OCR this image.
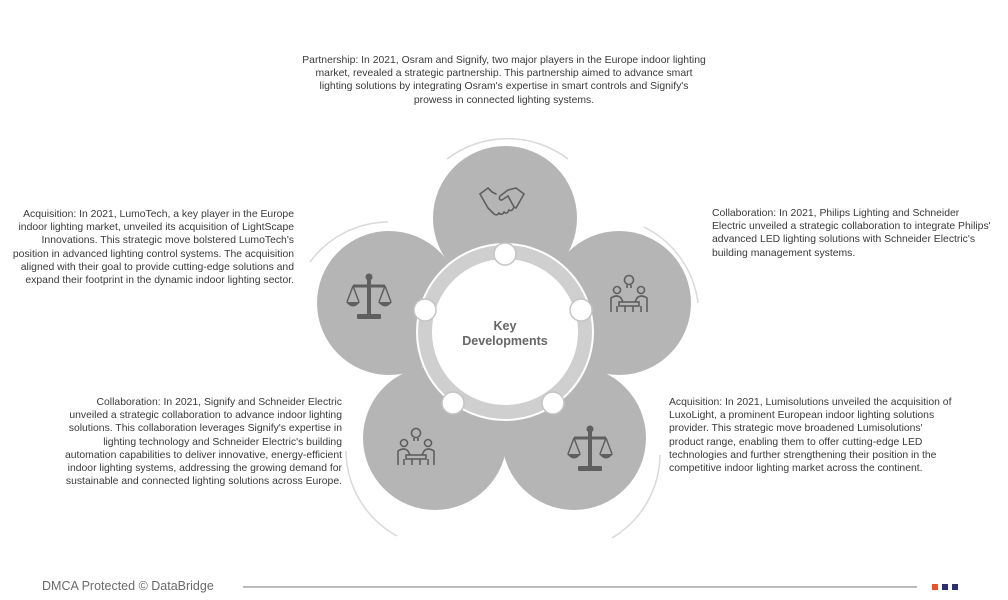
Partnership: In 2021, Osram and Signify, two major players in the Europe indoor lighting market, revealed a strategic partnership. This partnership aimed to advance smart lighting solutions by integrating Osram's expertise in smart controls and Signify's prowess in connected lighting systems.

Acquisition: In 2021, LumoTech, a key player in the Europe indoor lighting market, unveiled its acquisition of LightScape Innovations. This strategic move bolstered LumoTech's position in advanced lighting control systems. The acquisition aligned with their goal to provide cutting-edge solutions and expand their footprint in the dynamic indoor lighting sector.

Collaboration: In 2021, Philips Lighting and Schneider Electric unveiled a strategic collaboration to integrate Philips' advanced LED lighting solutions with Schneider Electric's building management systems.

Collaboration: In 2021, Signify and Schneider Electric unveiled a strategic collaboration to advance indoor lighting solutions. This collaboration leverages Signify's expertise in lighting technology and Schneider Electric's building automation capabilities to deliver innovative, energy-efficient indoor lighting systems, addressing the growing demand for sustainable and connected lighting solutions across Europe.

Acquisition: In 2021, Lumisolutions unveiled the acquisition of LuxoLight, a prominent European indoor lighting solutions provider. This strategic move broadened Lumisolutions' product range, enabling them to offer cutting-edge LED technologies and further strengthening their position in the competitive indoor lighting market across the continent.

Key
Developments
DMCA Protected © DataBridge
